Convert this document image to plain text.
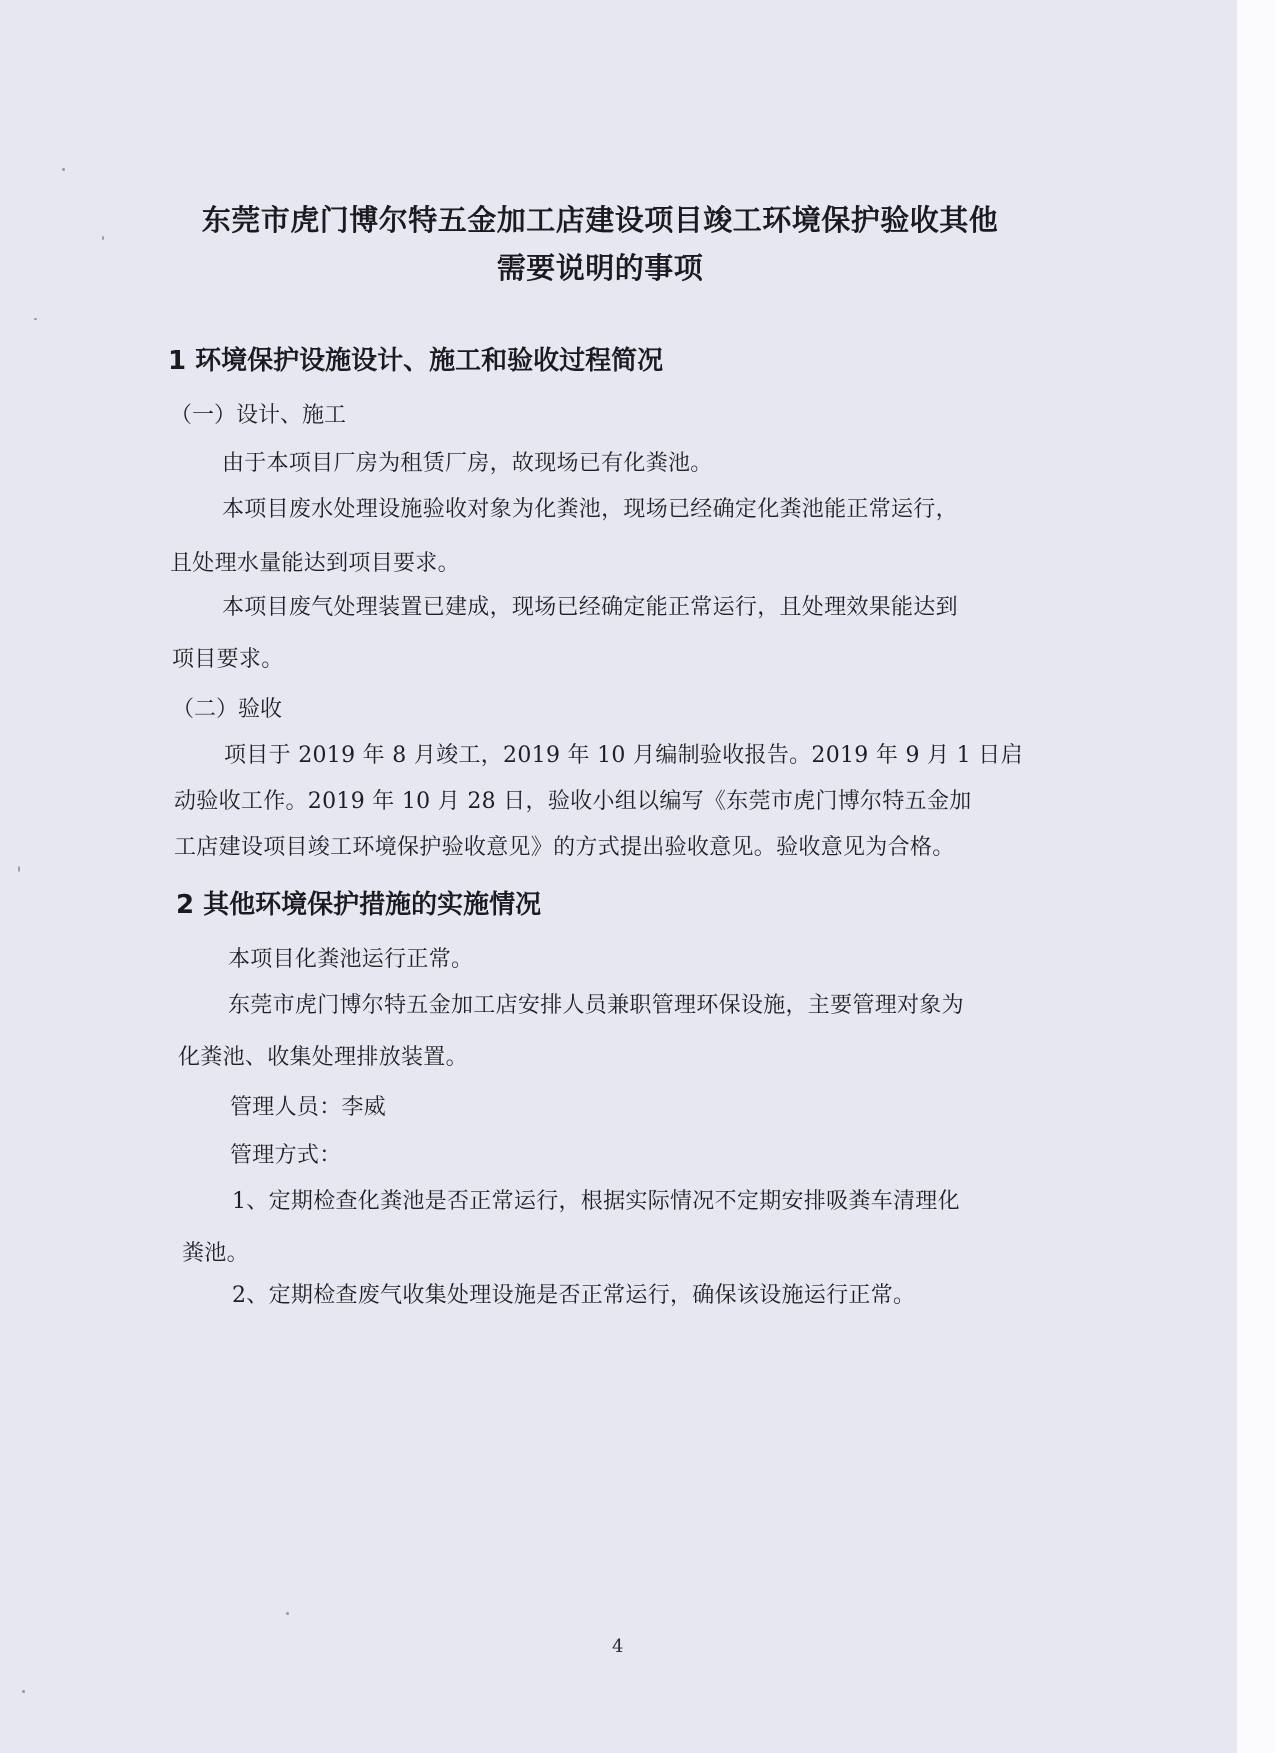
东莞市虎门博尔特五金加工店建设项目竣工环境保护验收其他
需要说明的事项
1 环境保护设施设计、施工和验收过程简况
（一）设计、施工
由于本项目厂房为租赁厂房，故现场已有化粪池。
本项目废水处理设施验收对象为化粪池，现场已经确定化粪池能正常运行，
且处理水量能达到项目要求。
本项目废气处理装置已建成，现场已经确定能正常运行，且处理效果能达到
项目要求。
（二）验收
项目于 2019 年 8 月竣工，2019 年 10 月编制验收报告。2019 年 9 月 1 日启
动验收工作。2019 年 10 月 28 日，验收小组以编写《东莞市虎门博尔特五金加
工店建设项目竣工环境保护验收意见》的方式提出验收意见。验收意见为合格。
2 其他环境保护措施的实施情况
本项目化粪池运行正常。
东莞市虎门博尔特五金加工店安排人员兼职管理环保设施，主要管理对象为
化粪池、收集处理排放装置。
管理人员：李威
管理方式：
1、定期检查化粪池是否正常运行，根据实际情况不定期安排吸粪车清理化
粪池。
2、定期检查废气收集处理设施是否正常运行，确保该设施运行正常。
4
